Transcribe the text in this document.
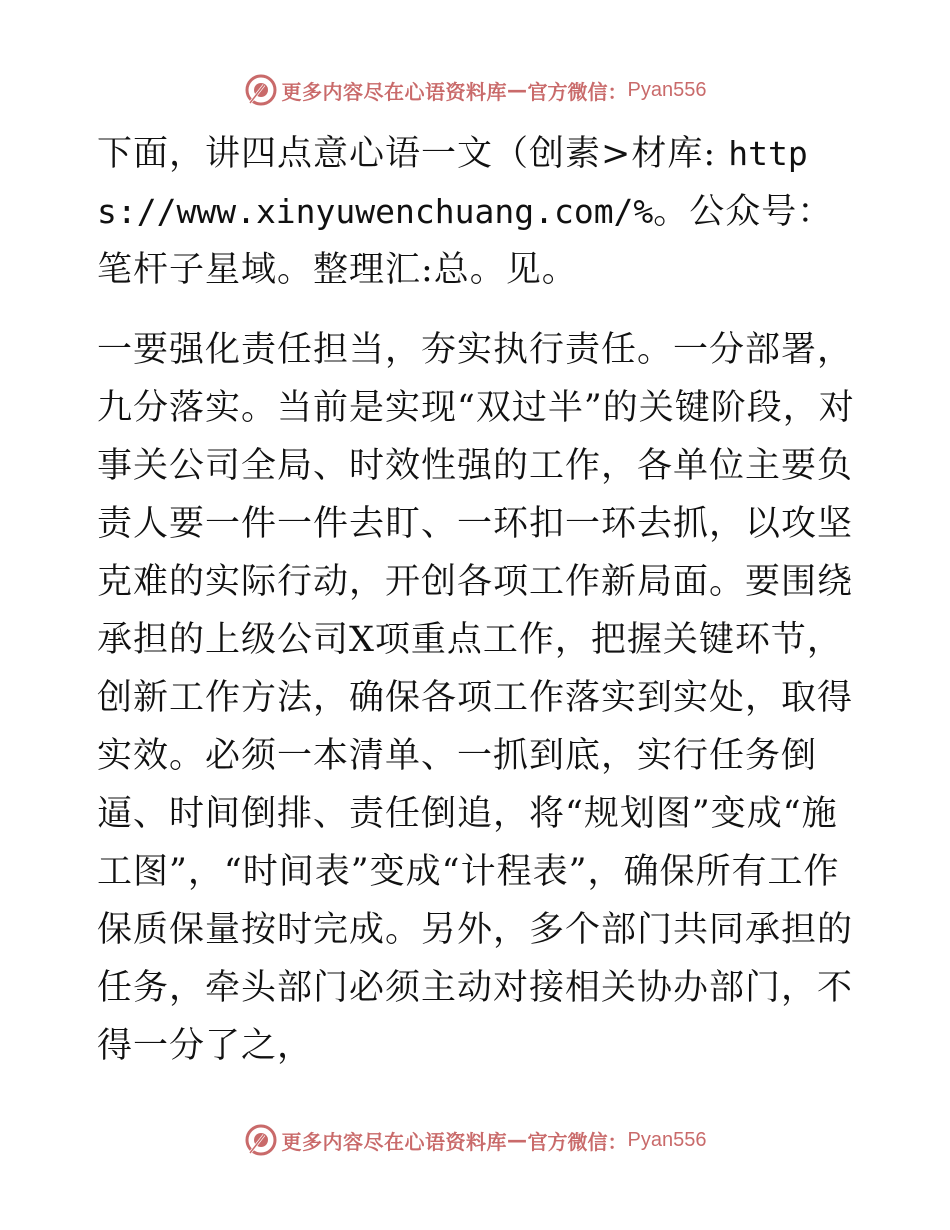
更多内容尽在心语资料库 — 官方微信： Pyan556

下面，讲四点意心语一文（创素>材库: https://www.xinyuwenchuang.com/%。公众号：笔杆子星域。整理汇:总。见。

一要强化责任担当，夯实执行责任。一分部署，九分落实。当前是实现“双过半”的关键阶段，对事关公司全局、时效性强的工作，各单位主要负责人要一件一件去盯、一环扣一环去抓，以攻坚克难的实际行动，开创各项工作新局面。要围绕承担的上级公司X项重点工作，把握关键环节，创新工作方法，确保各项工作落实到实处，取得实效。必须一本清单、一抓到底，实行任务倒逼、时间倒排、责任倒追，将“规划图”变成“施工图”，“时间表”变成“计程表”，确保所有工作保质保量按时完成。另外，多个部门共同承担的任务，牵头部门必须主动对接相关协办部门，不得一分了之，

更多内容尽在心语资料库 — 官方微信： Pyan556
